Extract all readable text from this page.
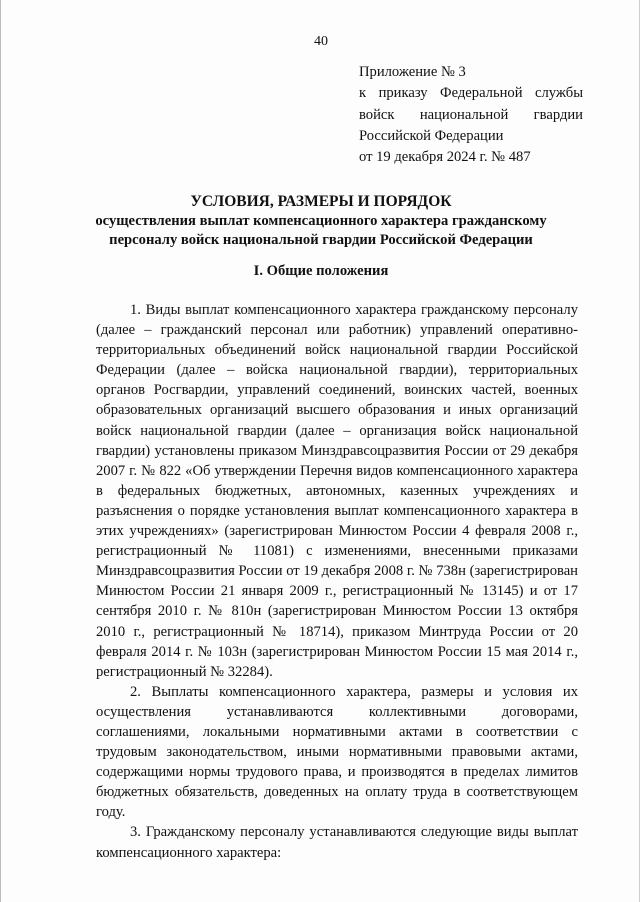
40
Приложение № 3
к приказу Федеральной службы
войск национальной гвардии
Российской Федерации
от 19 декабря 2024 г. № 487
УСЛОВИЯ, РАЗМЕРЫ И ПОРЯДОК
осуществления выплат компенсационного характера гражданскому персоналу войск национальной гвардии Российской Федерации
I. Общие положения

1. Виды выплат компенсационного характера гражданскому персоналу (далее – гражданский персонал или работник) управлений оперативно-территориальных объединений войск национальной гвардии Российской Федерации (далее – войска национальной гвардии), территориальных органов Росгвардии, управлений соединений, воинских частей, военных образовательных организаций высшего образования и иных организаций войск национальной гвардии (далее – организация войск национальной гвардии) установлены приказом Минздравсоцразвития России от 29 декабря 2007 г. № 822 «Об утверждении Перечня видов компенсационного характера в федеральных бюджетных, автономных, казенных учреждениях и разъяснения о порядке установления выплат компенсационного характера в этих учреждениях» (зарегистрирован Минюстом России 4 февраля 2008 г., регистрационный № 11081) с изменениями, внесенными приказами Минздравсоцразвития России от 19 декабря 2008 г. № 738н (зарегистрирован Минюстом России 21 января 2009 г., регистрационный № 13145) и от 17 сентября 2010 г. № 810н (зарегистрирован Минюстом России 13 октября 2010 г., регистрационный № 18714), приказом Минтруда России от 20 февраля 2014 г. № 103н (зарегистрирован Минюстом России 15 мая 2014 г., регистрационный № 32284).

2. Выплаты компенсационного характера, размеры и условия их осуществления устанавливаются коллективными договорами, соглашениями, локальными нормативными актами в соответствии с трудовым законодательством, иными нормативными правовыми актами, содержащими нормы трудового права, и производятся в пределах лимитов бюджетных обязательств, доведенных на оплату труда в соответствующем году.

3. Гражданскому персоналу устанавливаются следующие виды выплат компенсационного характера:
